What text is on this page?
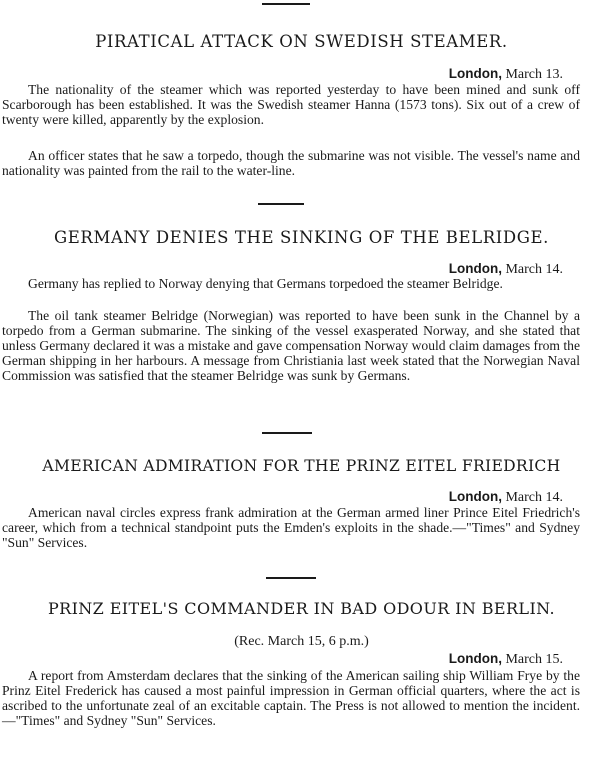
PIRATICAL ATTACK ON SWEDISH STEAMER.
London, March 13.

The nationality of the steamer which was reported yesterday to have been mined and sunk off Scarborough has been established. It was the Swedish steamer Hanna (1573 tons). Six out of a crew of twenty were killed, apparently by the explosion.

An officer states that he saw a torpedo, though the submarine was not visible. The vessel's name and nationality was painted from the rail to the water-line.

GERMANY DENIES THE SINKING OF THE BELRIDGE.
London, March 14.

Germany has replied to Norway denying that Germans torpedoed the steamer Belridge.

The oil tank steamer Belridge (Norwegian) was reported to have been sunk in the Channel by a torpedo from a German submarine. The sinking of the vessel exasperated Norway, and she stated that unless Germany declared it was a mistake and gave compensation Norway would claim damages from the German shipping in her harbours. A message from Christiania last week stated that the Norwegian Naval Commission was satisfied that the steamer Belridge was sunk by Germans.

AMERICAN ADMIRATION FOR THE PRINZ EITEL FRIEDRICH
London, March 14.

American naval circles express frank admiration at the German armed liner Prince Eitel Friedrich's career, which from a technical standpoint puts the Emden's exploits in the shade.—"Times" and Sydney "Sun" Services.

PRINZ EITEL'S COMMANDER IN BAD ODOUR IN BERLIN.
(Rec. March 15, 6 p.m.)
London, March 15.

A report from Amsterdam declares that the sinking of the American sailing ship William Frye by the Prinz Eitel Frederick has caused a most painful impression in German official quarters, where the act is ascribed to the unfortunate zeal of an excitable captain. The Press is not allowed to mention the incident.—"Times" and Sydney "Sun" Services.
